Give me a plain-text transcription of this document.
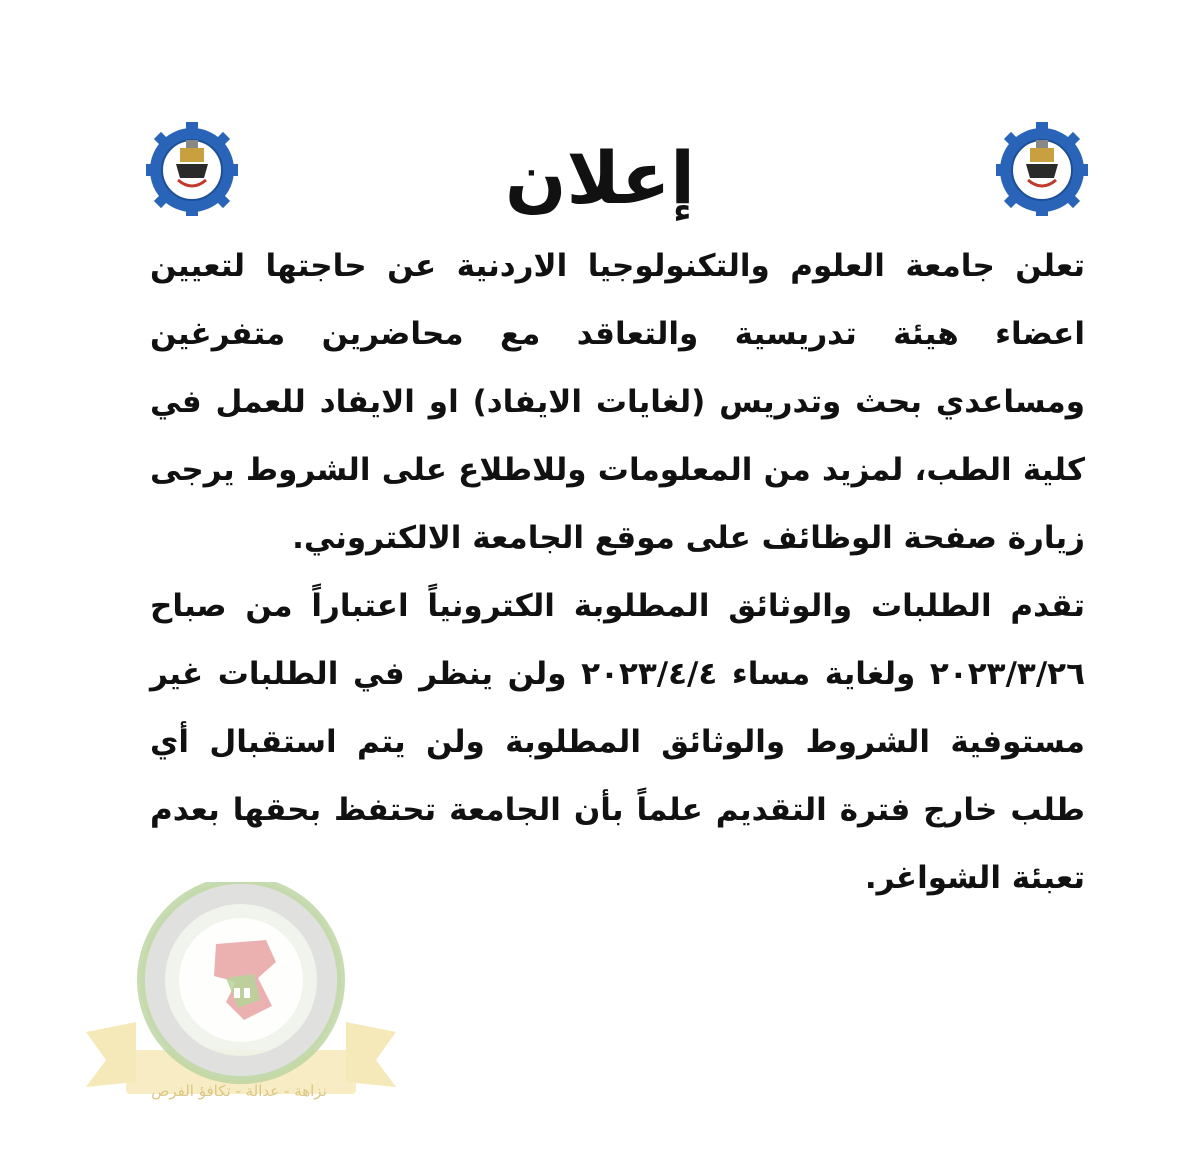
إعلان

تعلن جامعة العلوم والتكنولوجيا الاردنية عن حاجتها لتعيين اعضاء هيئة تدريسية والتعاقد مع محاضرين متفرغين ومساعدي بحث وتدريس (لغايات الايفاد) او الايفاد للعمل في كلية الطب، لمزيد من المعلومات وللاطلاع على الشروط يرجى زيارة صفحة الوظائف على موقع الجامعة الالكتروني.

تقدم الطلبات والوثائق المطلوبة الكترونياً اعتباراً من صباح ٢٠٢٣/٣/٢٦ ولغاية مساء ٢٠٢٣/٤/٤ ولن ينظر في الطلبات غير مستوفية الشروط والوثائق المطلوبة ولن يتم استقبال أي طلب خارج فترة التقديم علماً بأن الجامعة تحتفظ بحقها بعدم تعبئة الشواغر.

نزاهة - عدالة - تكافؤ الفرص
